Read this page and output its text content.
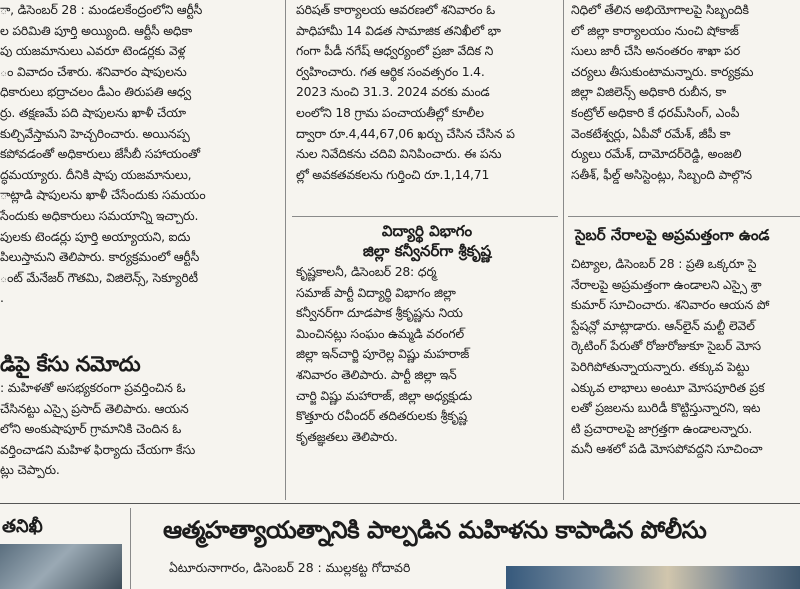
ా, డిసెంబర్ 28 : మండలకేంద్రంలోని ఆర్టీసీ

ల పరిమితి పూర్తి అయ్యింది. ఆర్టీసీ అధికా

పు యజమానులు ఎవరూ టెండర్లకు వెళ్ల

ం వివాదం చేశారు. శనివారం షాపులను

ధికారులు భద్రాచలం డీఎం తిరుపతి ఆధ్వ

ర్రు. తక్షణమే పది షాపులను ఖాళీ చేయా

కుల్చివేస్తామని హెచ్చరించారు. అయినప్ప

కపోవడంతో అధికారులు జేసీబీ సహాయంతో

ద్ధమయ్యారు. దీనికి షాపు యజమానులు,

ాట్లాడి షాపులను ఖాళీ చేసేందుకు సమయం

సేందుకు అధికారులు సమయాన్ని ఇచ్చారు.

పులకు టెండర్లు పూర్తి అయ్యాయని, ఐదు

పిలుస్తామని తెలిపారు. కార్యక్రమంలో ఆర్టీసీ

ంట్ మేనేజర్ గౌతమి, విజిలెన్స్, సెక్యూరిటీ

.

డిపై కేసు నమోదు

: మహిళతో అసభ్యకరంగా ప్రవర్తించిన ఓ

చేసినట్టు ఎస్సై ప్రసాద్ తెలిపారు. ఆయన

లోని అంకుషాపూర్ గ్రామానికి చెందిన ఓ

వర్తించాడని మహిళ ఫిర్యాదు చేయగా కేసు

ట్లు చెప్పారు.

పరిషత్ కార్యాలయ ఆవరణలో శనివారం ఓ

పాధిహామీ 14 విడత సామాజిక తనిఖీలో భా

గంగా పీడీ నగేష్ ఆధ్వర్యంలో ప్రజా వేదిక ని

ర్వహించారు. గత ఆర్థిక సంవత్సరం 1.4.

2023 నుంచి 31.3. 2024 వరకు మండ

లంలోని 18 గ్రామ పంచాయతీల్లో కూలీల

ద్వారా రూ.4,44,67,06 ఖర్చు చేసిన చేసిన ప

నుల నివేదికను చదివి వినిపించారు. ఈ పను

ల్లో అవకతవకలను గుర్తించి రూ.1,14,71

విద్యార్థి విభాగం
జిల్లా కన్వీనర్‌గా శ్రీకృష్ణ

కృష్ణకాలనీ, డిసెంబర్ 28: ధర్మ

సమాజ్ పార్టీ విద్యార్థి విభాగం జిల్లా

కన్వీనర్‌గా దూడపాక శ్రీకృష్ణను నియ

మించినట్లు సంఘం ఉమ్మడి వరంగల్

జిల్లా ఇన్‌చార్జి పూరెల్ల విష్ణు మహరాజ్

శనివారం తెలిపారు. పార్టీ జిల్లా ఇన్

చార్జి విష్ణు మహారాజ్, జిల్లా అధ్యక్షుడు

కొత్తూరు రవీందర్ తదితరులకు శ్రీకృష్ణ

కృతజ్ఞతలు తెలిపారు.

నిధిలో తేలిన అభియోగాలపై సిబ్బందికి

లో జిల్లా కార్యాలయం నుంచి షోకాజ్

సులు జారీ చేసి అనంతరం శాఖా పర

చర్యలు తీసుకుంటామన్నారు. కార్యక్రమ

జిల్లా విజిలెన్స్ అధికారి రుబీన, కా

కంట్రోల్ అధికారి కే ధరమ్‌సింగ్, ఎంపీ

వెంకటేశ్వర్లు, ఏపీవో రమేశ్, జీపీ కా

ర్యులు రమేశ్, దామోదర్‌రెడ్డి, అంజలి

సతీశ్, ఫీల్డ్ అసిస్టెంట్లు, సిబ్బంది పాల్గొన

సైబర్ నేరాలపై అప్రమత్తంగా ఉండ

చిట్యాల, డిసెంబర్ 28 : ప్రతి ఒక్కరూ సై

నేరాలపై అప్రమత్తంగా ఉండాలని ఎస్సై శ్రా

కుమార్ సూచించారు. శనివారం ఆయన పో

స్టేషన్లో మాట్లాడారు. ఆన్‌లైన్ మల్టీ లెవెల్

ర్కెటింగ్ పేరుతో రోజురోజుకూ సైబర్ మోస

పెరిగిపోతున్నాయన్నారు. తక్కువ పెట్టు

ఎక్కువ లాభాలు అంటూ మోసపూరిత ప్రక

లతో ప్రజలను బురిడీ కొట్టిస్తున్నారని, ఇట

టి ప్రచారాలపై జాగ్రత్తగా ఉండాలన్నారు.

మనీ ఆశలో పడి మోసపోవద్దని సూచించా

తనిఖీ	ఆత్మహత్యాయత్నానికి పాల్పడిన మహిళను కాపాడిన పోలీసు
ఏటూరునాగారం, డిసెంబర్ 28 : ముల్లకట్ట గోదావరి
